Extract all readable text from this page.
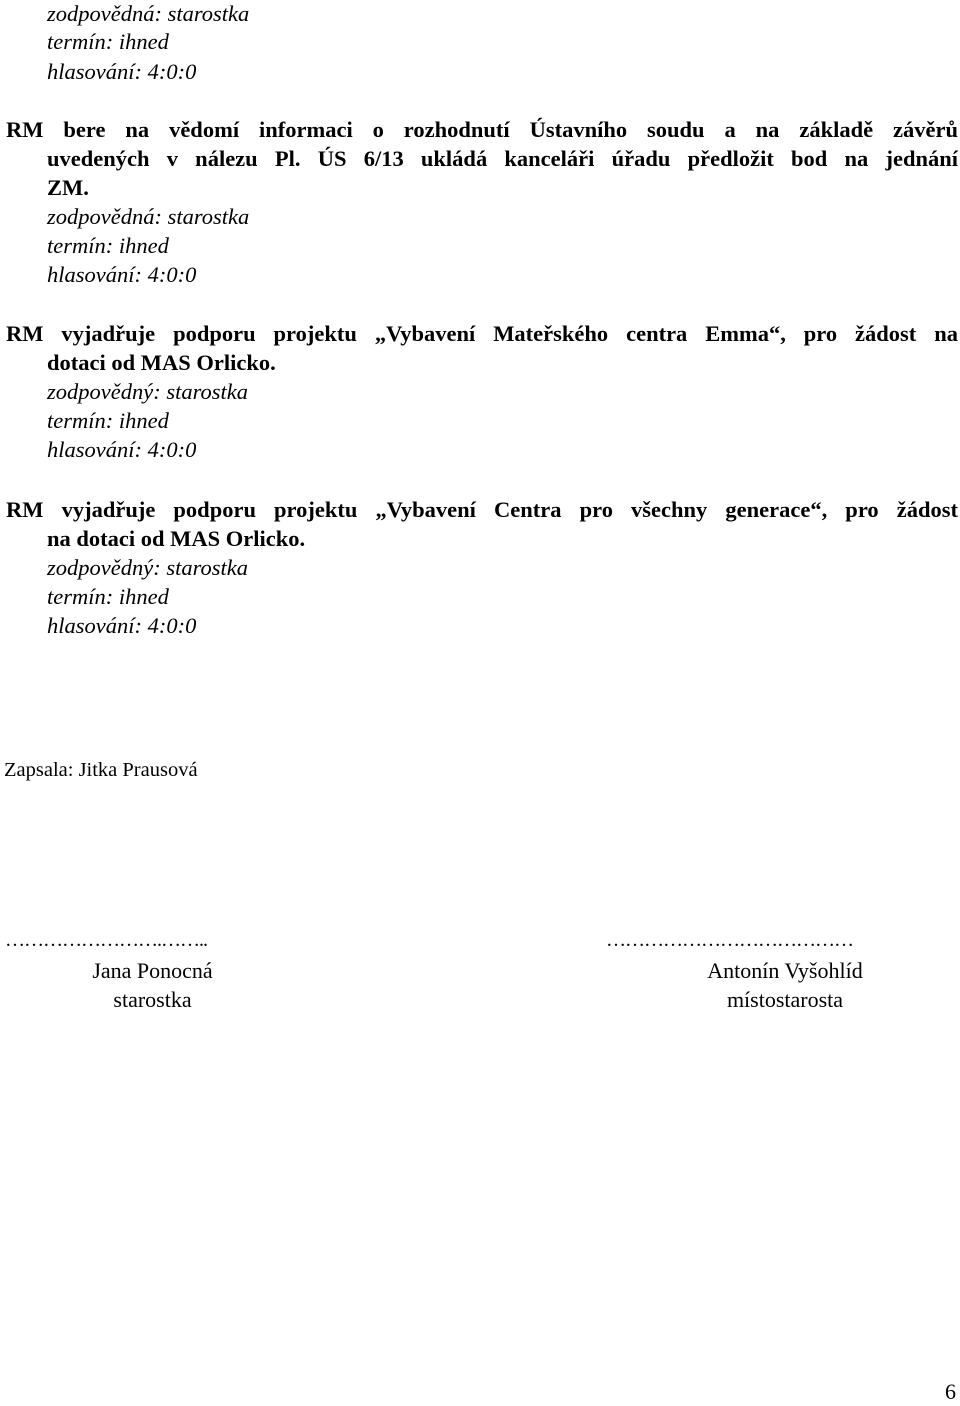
zodpovědná: starostka
termín: ihned
hlasování: 4:0:0
RM bere na vědomí informaci o rozhodnutí Ústavního soudu a na základě závěrů
uvedených v nálezu Pl. ÚS 6/13 ukládá kanceláři úřadu předložit bod na jednání
ZM.
zodpovědná: starostka
termín: ihned
hlasování: 4:0:0
RM vyjadřuje podporu projektu „Vybavení Mateřského centra Emma“, pro žádost na
dotaci od MAS Orlicko.
zodpovědný: starostka
termín: ihned
hlasování: 4:0:0
RM vyjadřuje podporu projektu „Vybavení Centra pro všechny generace“, pro žádost
na dotaci od MAS Orlicko.
zodpovědný: starostka
termín: ihned
hlasování: 4:0:0
Zapsala: Jitka Prausová
…………………….……..
Jana Ponocná
starostka
…………………………………
Antonín Vyšohlíd
místostarosta
6
